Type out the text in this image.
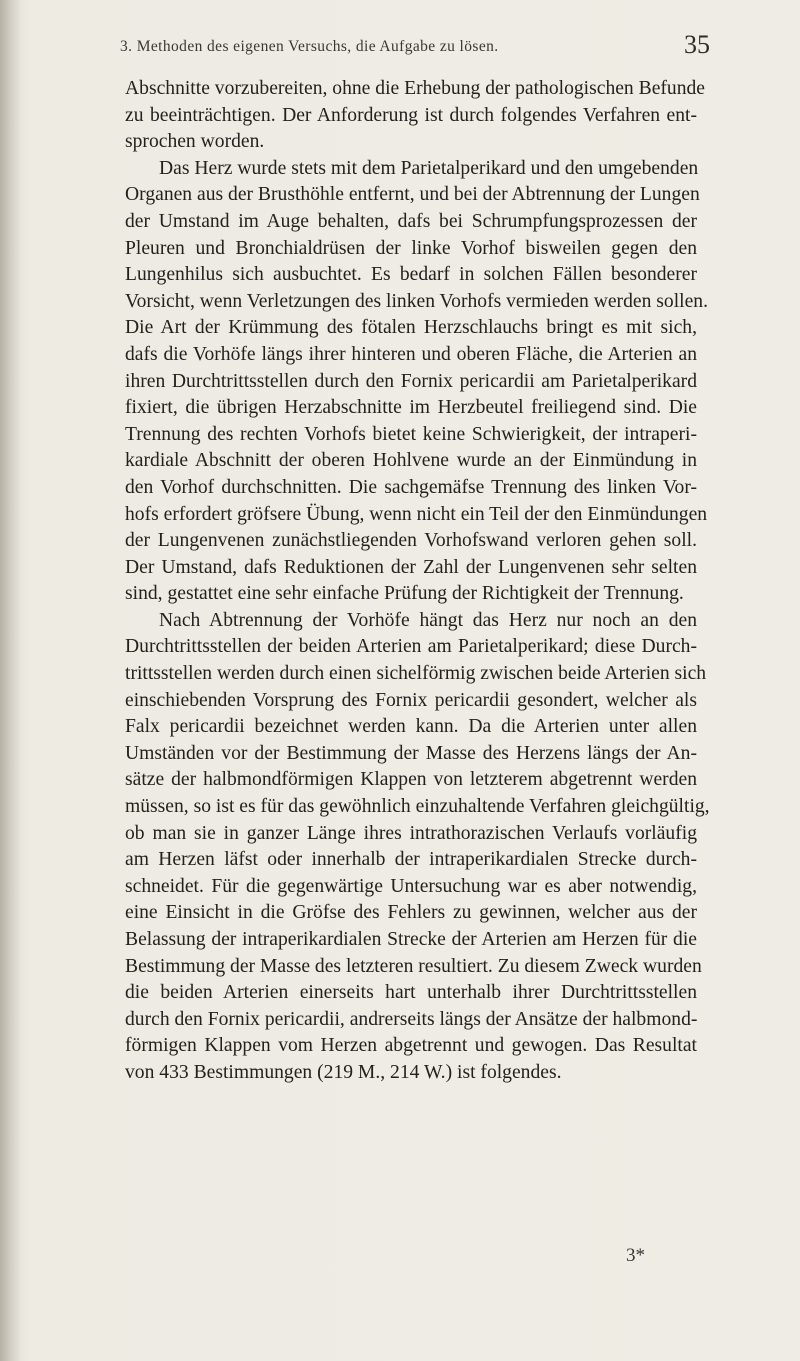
3. Methoden des eigenen Versuchs, die Aufgabe zu lösen.	35
Abschnitte vorzubereiten, ohne die Erhebung der pathologischen Befunde
zu beeinträchtigen. Der Anforderung ist durch folgendes Verfahren ent-
sprochen worden.
Das Herz wurde stets mit dem Parietalperikard und den umgebenden
Organen aus der Brusthöhle entfernt, und bei der Abtrennung der Lungen
der Umstand im Auge behalten, dafs bei Schrumpfungsprozessen der
Pleuren und Bronchialdrüsen der linke Vorhof bisweilen gegen den
Lungenhilus sich ausbuchtet. Es bedarf in solchen Fällen besonderer
Vorsicht, wenn Verletzungen des linken Vorhofs vermieden werden sollen.
Die Art der Krümmung des fötalen Herzschlauchs bringt es mit sich,
dafs die Vorhöfe längs ihrer hinteren und oberen Fläche, die Arterien an
ihren Durchtrittsstellen durch den Fornix pericardii am Parietalperikard
fixiert, die übrigen Herzabschnitte im Herzbeutel freiliegend sind. Die
Trennung des rechten Vorhofs bietet keine Schwierigkeit, der intraperi-
kardiale Abschnitt der oberen Hohlvene wurde an der Einmündung in
den Vorhof durchschnitten. Die sachgemäfse Trennung des linken Vor-
hofs erfordert gröfsere Übung, wenn nicht ein Teil der den Einmündungen
der Lungenvenen zunächstliegenden Vorhofswand verloren gehen soll.
Der Umstand, dafs Reduktionen der Zahl der Lungenvenen sehr selten
sind, gestattet eine sehr einfache Prüfung der Richtigkeit der Trennung.
Nach Abtrennung der Vorhöfe hängt das Herz nur noch an den
Durchtrittsstellen der beiden Arterien am Parietalperikard; diese Durch-
trittsstellen werden durch einen sichelförmig zwischen beide Arterien sich
einschiebenden Vorsprung des Fornix pericardii gesondert, welcher als
Falx pericardii bezeichnet werden kann. Da die Arterien unter allen
Umständen vor der Bestimmung der Masse des Herzens längs der An-
sätze der halbmondförmigen Klappen von letzterem abgetrennt werden
müssen, so ist es für das gewöhnlich einzuhaltende Verfahren gleichgültig,
ob man sie in ganzer Länge ihres intrathorazischen Verlaufs vorläufig
am Herzen läfst oder innerhalb der intraperikardialen Strecke durch-
schneidet. Für die gegenwärtige Untersuchung war es aber notwendig,
eine Einsicht in die Gröfse des Fehlers zu gewinnen, welcher aus der
Belassung der intraperikardialen Strecke der Arterien am Herzen für die
Bestimmung der Masse des letzteren resultiert. Zu diesem Zweck wurden
die beiden Arterien einerseits hart unterhalb ihrer Durchtrittsstellen
durch den Fornix pericardii, andrerseits längs der Ansätze der halbmond-
förmigen Klappen vom Herzen abgetrennt und gewogen. Das Resultat
von 433 Bestimmungen (219 M., 214 W.) ist folgendes.
3*
